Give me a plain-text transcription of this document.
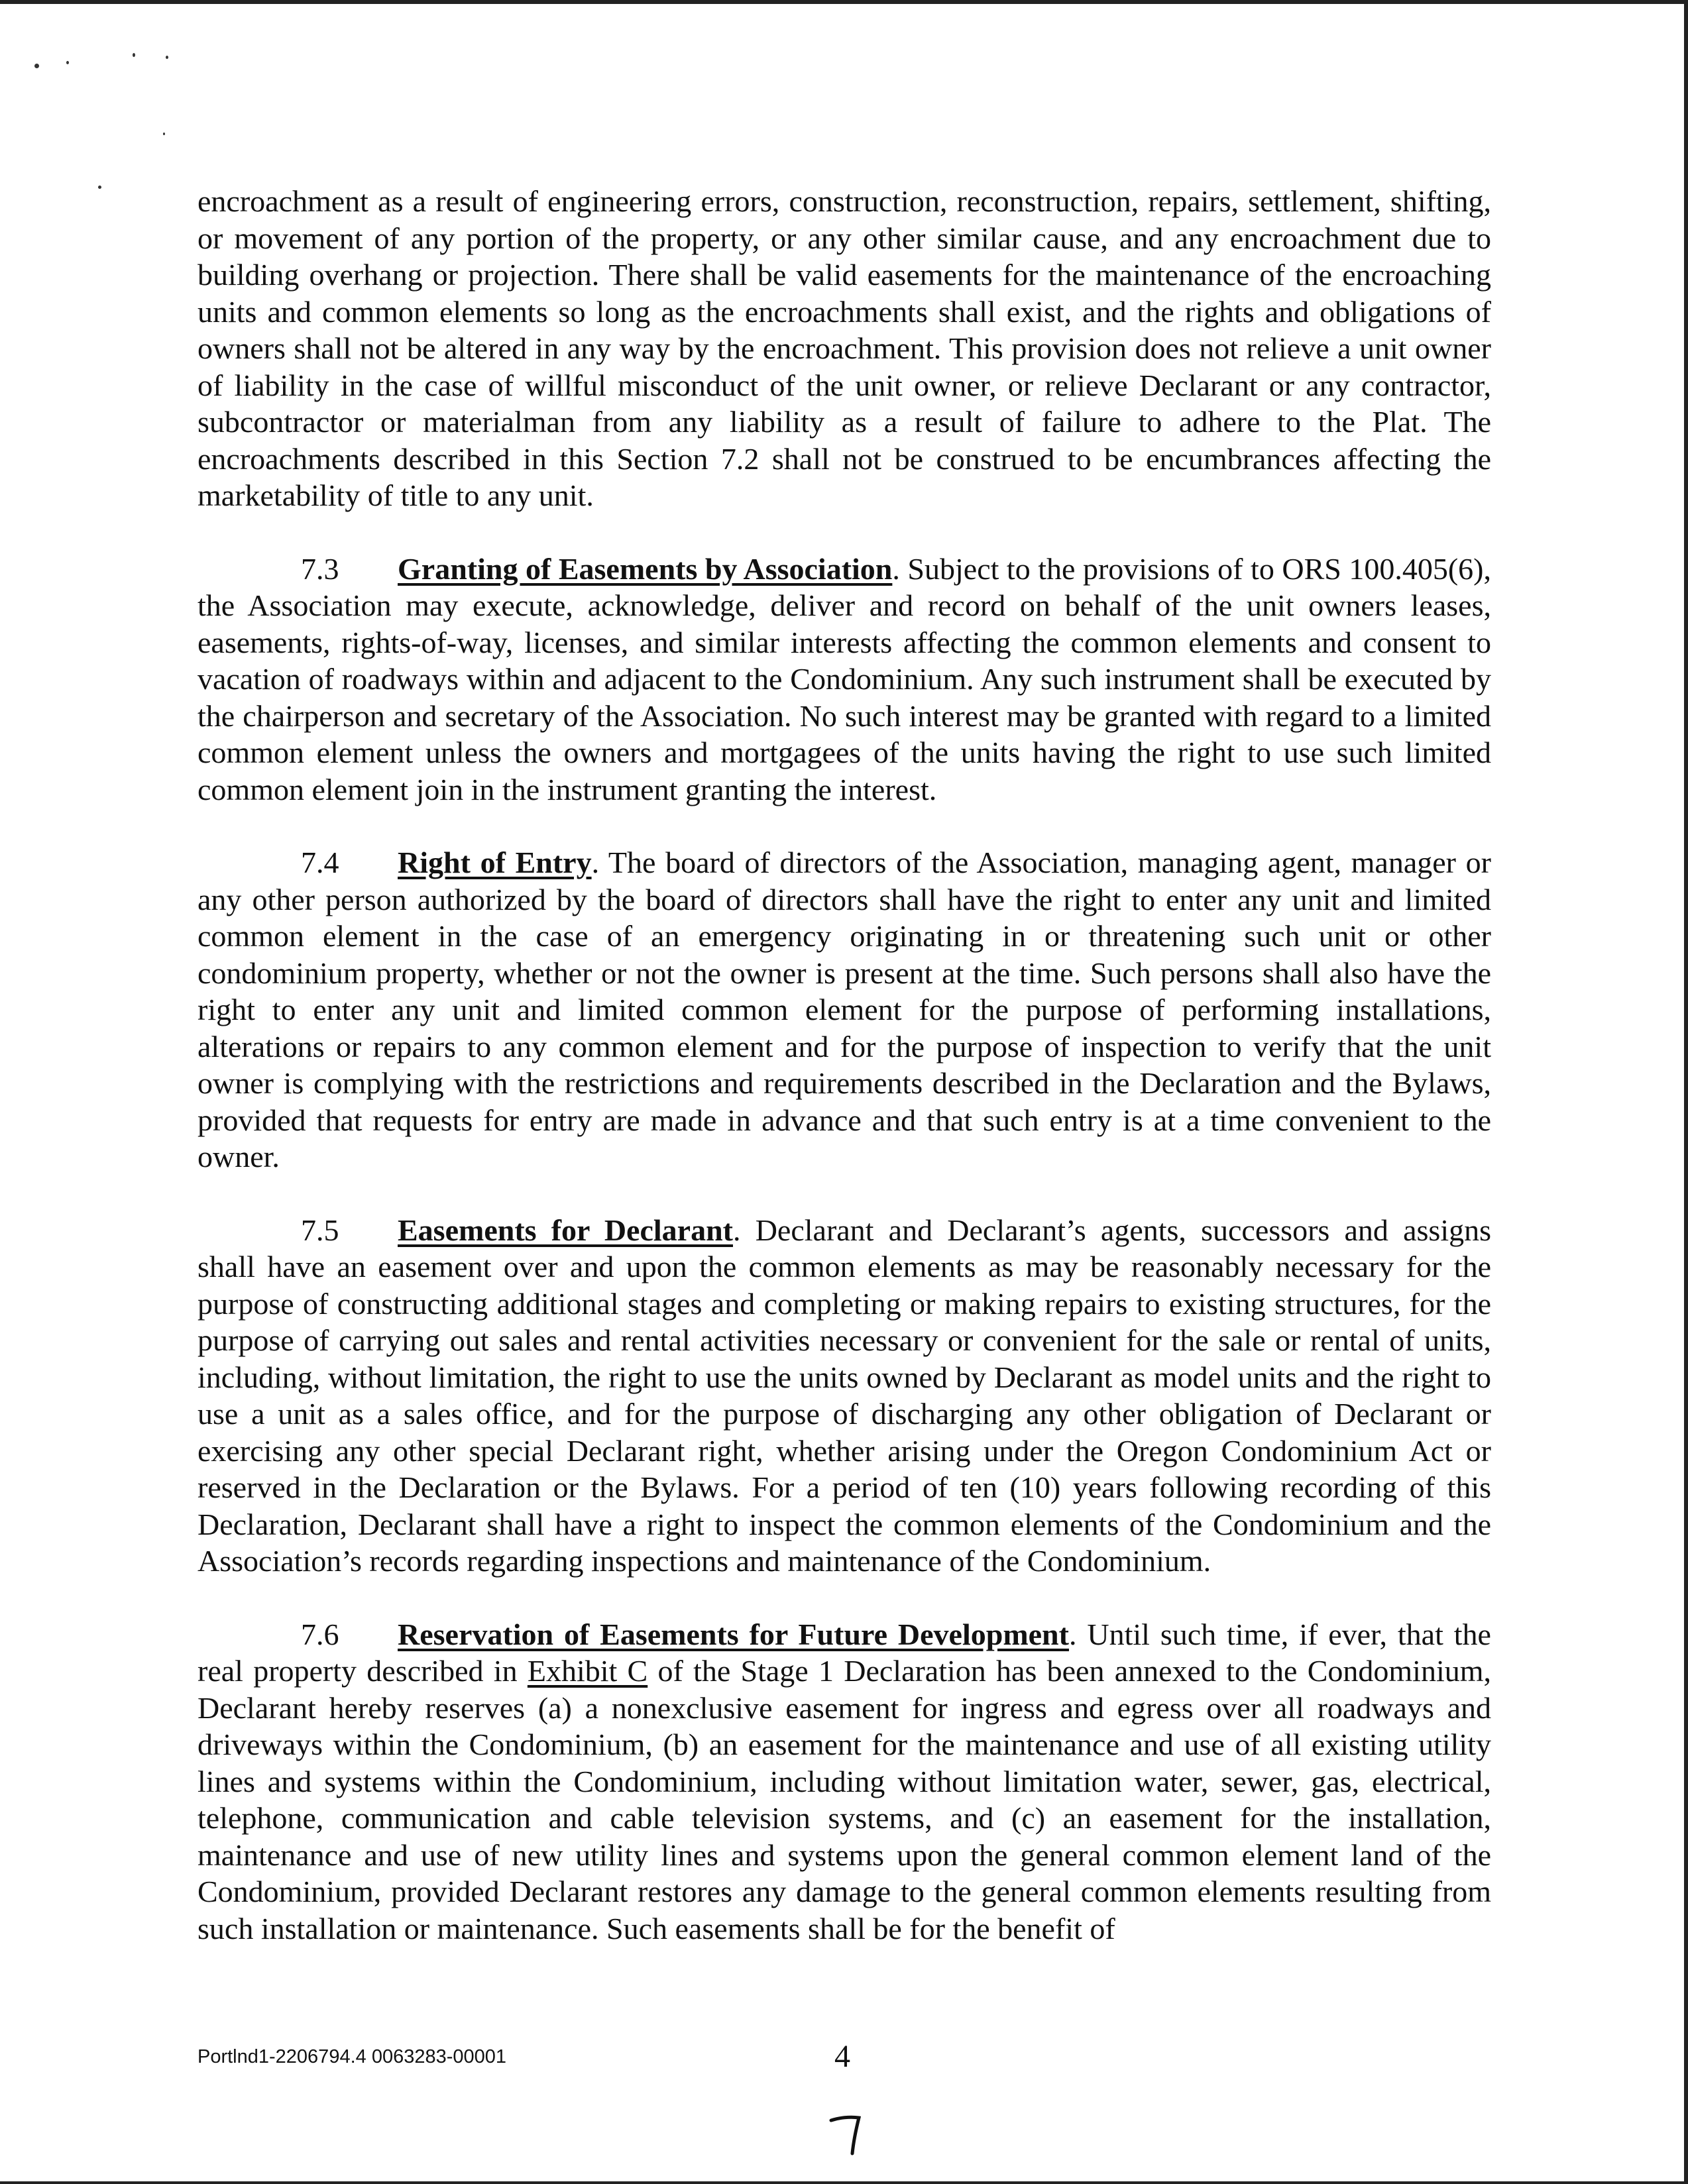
encroachment as a result of engineering errors, construction, reconstruction, repairs, settlement, shifting, or movement of any portion of the property, or any other similar cause, and any encroachment due to building overhang or projection. There shall be valid easements for the maintenance of the encroaching units and common elements so long as the encroachments shall exist, and the rights and obligations of owners shall not be altered in any way by the encroachment. This provision does not relieve a unit owner of liability in the case of willful misconduct of the unit owner, or relieve Declarant or any contractor, subcontractor or materialman from any liability as a result of failure to adhere to the Plat. The encroachments described in this Section 7.2 shall not be construed to be encumbrances affecting the marketability of title to any unit.

7.3 Granting of Easements by Association. Subject to the provisions of to ORS 100.405(6), the Association may execute, acknowledge, deliver and record on behalf of the unit owners leases, easements, rights-of-way, licenses, and similar interests affecting the common elements and consent to vacation of roadways within and adjacent to the Condominium. Any such instrument shall be executed by the chairperson and secretary of the Association. No such interest may be granted with regard to a limited common element unless the owners and mortgagees of the units having the right to use such limited common element join in the instrument granting the interest.

7.4 Right of Entry. The board of directors of the Association, managing agent, manager or any other person authorized by the board of directors shall have the right to enter any unit and limited common element in the case of an emergency originating in or threatening such unit or other condominium property, whether or not the owner is present at the time. Such persons shall also have the right to enter any unit and limited common element for the purpose of performing installations, alterations or repairs to any common element and for the purpose of inspection to verify that the unit owner is complying with the restrictions and requirements described in the Declaration and the Bylaws, provided that requests for entry are made in advance and that such entry is at a time convenient to the owner.

7.5 Easements for Declarant. Declarant and Declarant’s agents, successors and assigns shall have an easement over and upon the common elements as may be reasonably necessary for the purpose of constructing additional stages and completing or making repairs to existing structures, for the purpose of carrying out sales and rental activities necessary or convenient for the sale or rental of units, including, without limitation, the right to use the units owned by Declarant as model units and the right to use a unit as a sales office, and for the purpose of discharging any other obligation of Declarant or exercising any other special Declarant right, whether arising under the Oregon Condominium Act or reserved in the Declaration or the Bylaws. For a period of ten (10) years following recording of this Declaration, Declarant shall have a right to inspect the common elements of the Condominium and the Association’s records regarding inspections and maintenance of the Condominium.

7.6 Reservation of Easements for Future Development. Until such time, if ever, that the real property described in Exhibit C of the Stage 1 Declaration has been annexed to the Condominium, Declarant hereby reserves (a) a nonexclusive easement for ingress and egress over all roadways and driveways within the Condominium, (b) an easement for the maintenance and use of all existing utility lines and systems within the Condominium, including without limitation water, sewer, gas, electrical, telephone, communication and cable television systems, and (c) an easement for the installation, maintenance and use of new utility lines and systems upon the general common element land of the Condominium, provided Declarant restores any damage to the general common elements resulting from such installation or maintenance. Such easements shall be for the benefit of

Portlnd1-2206794.4 0063283-00001	4
